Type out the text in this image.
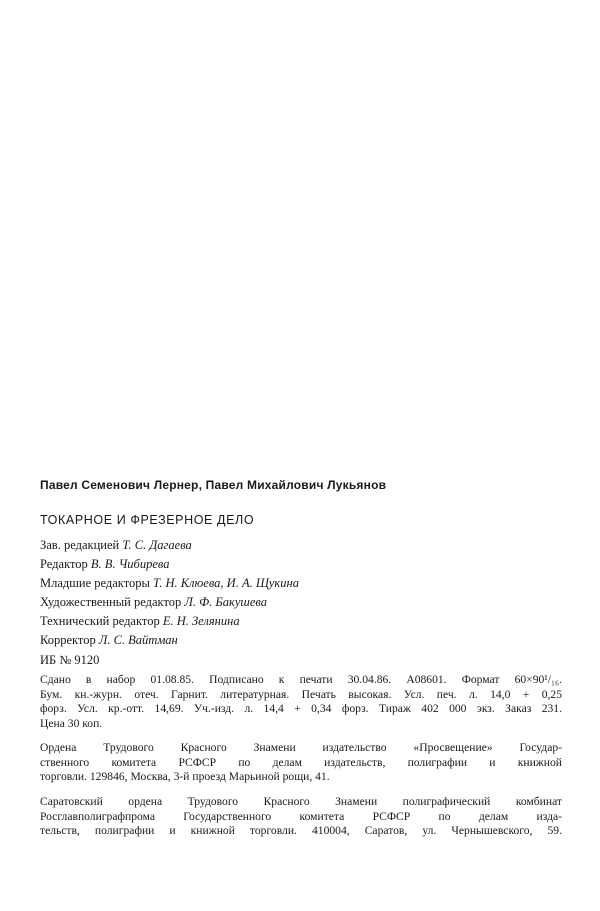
Павел Семенович Лернер, Павел Михайлович Лукьянов
ТОКАРНОЕ И ФРЕЗЕРНОЕ ДЕЛО
Зав. редакцией Т. С. Дагаева
Редактор В. В. Чибирева
Младшие редакторы Т. Н. Клюева, И. А. Щукина
Художественный редактор Л. Ф. Бакушева
Технический редактор Е. Н. Зелянина
Корректор Л. С. Вайтман
ИБ № 9120
Сдано в набор 01.08.85. Подписано к печати 30.04.86. А08601. Формат 60×90¹/₁₆.
Бум. кн.-журн. отеч. Гарнит. литературная. Печать высокая. Усл. печ. л. 14,0 + 0,25
форз. Усл. кр.-отт. 14,69. Уч.-изд. л. 14,4 + 0,34 форз. Тираж 402 000 экз. Заказ 231.
Цена 30 коп.
Ордена Трудового Красного Знамени издательство «Просвещение» Государ-
ственного комитета РСФСР по делам издательств, полиграфии и книжной
торговли. 129846, Москва, 3-й проезд Марьиной рощи, 41.
Саратовский ордена Трудового Красного Знамени полиграфический комбинат
Росглавполиграфпрома Государственного комитета РСФСР по делам изда-
тельств, полиграфии и книжной торговли. 410004, Саратов, ул. Чернышевского, 59.
